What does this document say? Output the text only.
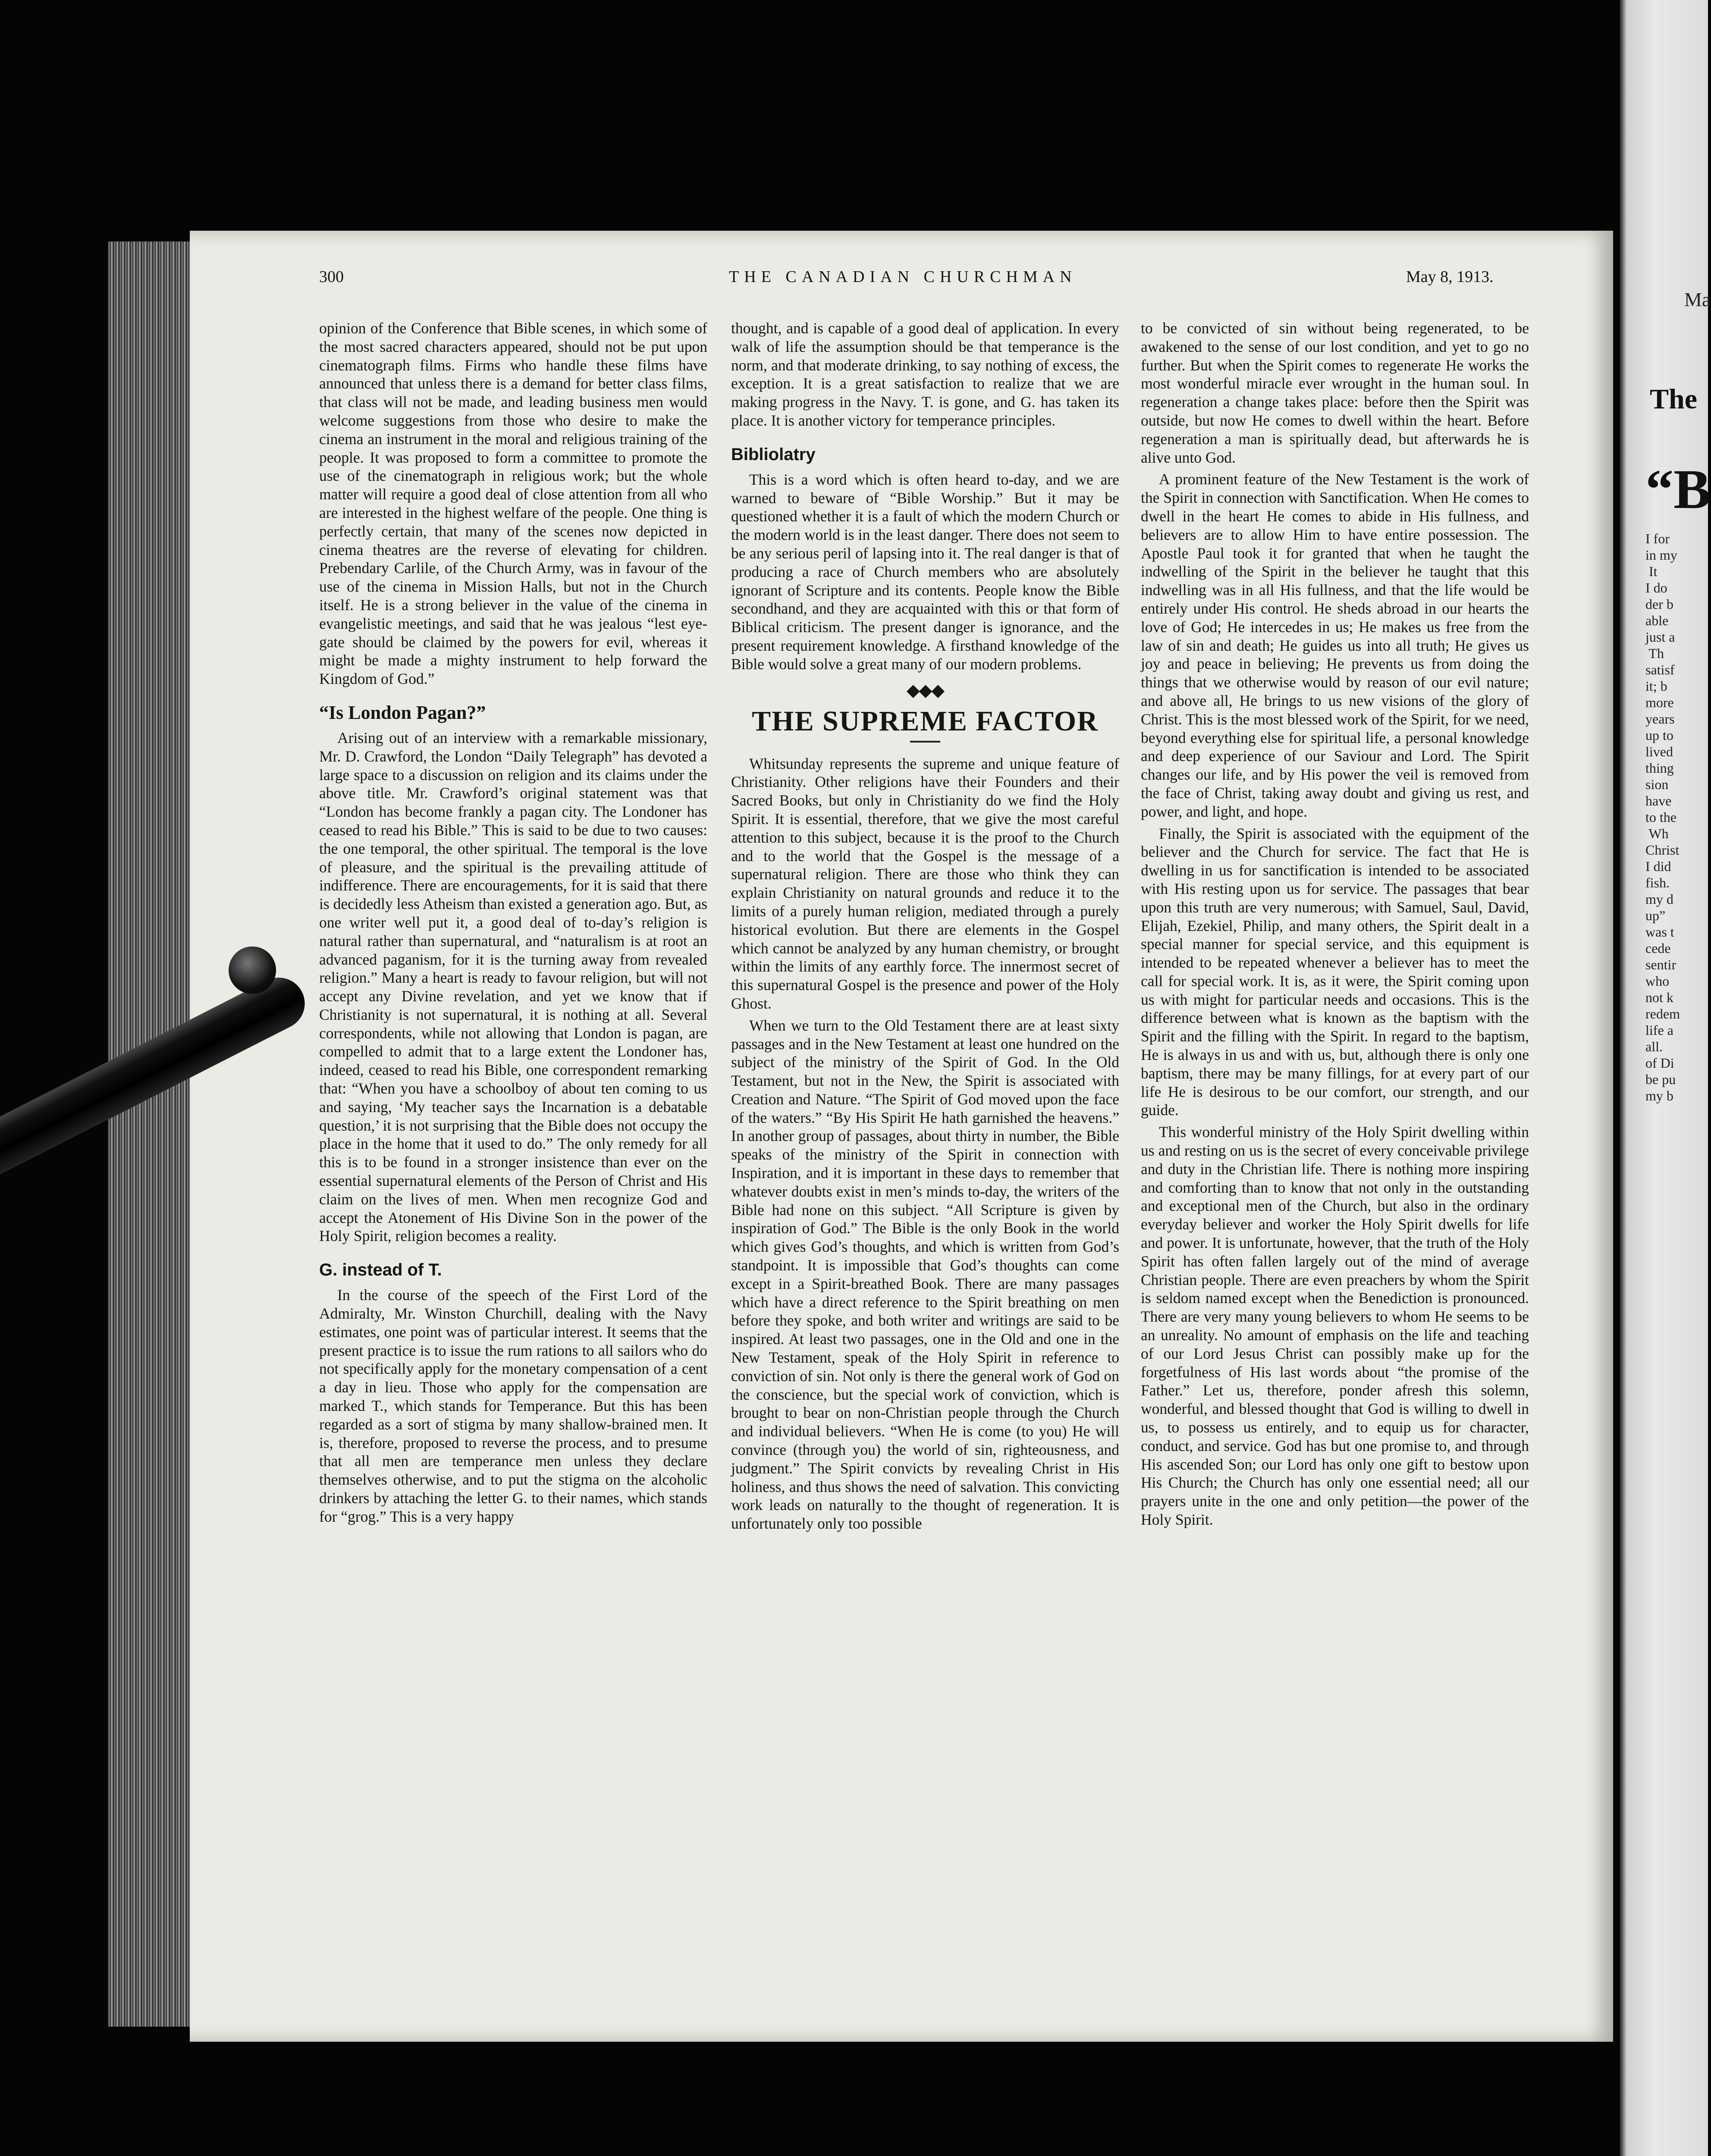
Ma
The
“B
I for
in my
It
I do
der b
able
just a
Th
satisf
it; b
more
years
up to
lived
thing
sion
have
to the
Wh
Christ
I did
fish.
my d
up”
was t
cede
sentir
who
not k
redem
life a
all.
of Di
be pu
my b
300	THE CANADIAN CHURCHMAN	May 8, 1913.

opinion of the Conference that Bible scenes, in which some of the most sacred characters appeared, should not be put upon cinematograph films. Firms who handle these films have announced that unless there is a demand for better class films, that class will not be made, and leading business men would welcome suggestions from those who desire to make the cinema an instrument in the moral and religious training of the people. It was proposed to form a committee to promote the use of the cinematograph in religious work; but the whole matter will require a good deal of close attention from all who are interested in the highest welfare of the people. One thing is perfectly certain, that many of the scenes now depicted in cinema theatres are the reverse of elevating for children. Prebendary Carlile, of the Church Army, was in favour of the use of the cinema in Mission Halls, but not in the Church itself. He is a strong believer in the value of the cinema in evangelistic meetings, and said that he was jealous “lest eye-gate should be claimed by the powers for evil, whereas it might be made a mighty instrument to help forward the Kingdom of God.”

“Is London Pagan?”

Arising out of an interview with a remarkable missionary, Mr. D. Crawford, the London “Daily Telegraph” has devoted a large space to a discussion on religion and its claims under the above title. Mr. Crawford’s original statement was that “London has become frankly a pagan city. The Londoner has ceased to read his Bible.” This is said to be due to two causes: the one temporal, the other spiritual. The temporal is the love of pleasure, and the spiritual is the prevailing attitude of indifference. There are encouragements, for it is said that there is decidedly less Atheism than existed a generation ago. But, as one writer well put it, a good deal of to-day’s religion is natural rather than supernatural, and “naturalism is at root an advanced paganism, for it is the turning away from revealed religion.” Many a heart is ready to favour religion, but will not accept any Divine revelation, and yet we know that if Christianity is not supernatural, it is nothing at all. Several correspondents, while not allowing that London is pagan, are compelled to admit that to a large extent the Londoner has, indeed, ceased to read his Bible, one correspondent remarking that: “When you have a schoolboy of about ten coming to us and saying, ‘My teacher says the Incarnation is a debatable question,’ it is not surprising that the Bible does not occupy the place in the home that it used to do.” The only remedy for all this is to be found in a stronger insistence than ever on the essential supernatural elements of the Person of Christ and His claim on the lives of men. When men recognize God and accept the Atonement of His Divine Son in the power of the Holy Spirit, religion becomes a reality.

G. instead of T.

In the course of the speech of the First Lord of the Admiralty, Mr. Winston Churchill, dealing with the Navy estimates, one point was of particular interest. It seems that the present practice is to issue the rum rations to all sailors who do not specifically apply for the monetary compensation of a cent a day in lieu. Those who apply for the compensation are marked T., which stands for Temperance. But this has been regarded as a sort of stigma by many shallow-brained men. It is, therefore, proposed to reverse the process, and to presume that all men are temperance men unless they declare themselves otherwise, and to put the stigma on the alcoholic drinkers by attaching the letter G. to their names, which stands for “grog.” This is a very happy

thought, and is capable of a good deal of application. In every walk of life the assumption should be that temperance is the norm, and that moderate drinking, to say nothing of excess, the exception. It is a great satisfaction to realize that we are making progress in the Navy. T. is gone, and G. has taken its place. It is another victory for temperance principles.

Bibliolatry

This is a word which is often heard to-day, and we are warned to beware of “Bible Worship.” But it may be questioned whether it is a fault of which the modern Church or the modern world is in the least danger. There does not seem to be any serious peril of lapsing into it. The real danger is that of producing a race of Church members who are absolutely ignorant of Scripture and its contents. People know the Bible secondhand, and they are acquainted with this or that form of Biblical criticism. The present danger is ignorance, and the present requirement knowledge. A firsthand knowledge of the Bible would solve a great many of our modern problems.

◆◆◆
THE SUPREME FACTOR

Whitsunday represents the supreme and unique feature of Christianity. Other religions have their Founders and their Sacred Books, but only in Christianity do we find the Holy Spirit. It is essential, therefore, that we give the most careful attention to this subject, because it is the proof to the Church and to the world that the Gospel is the message of a supernatural religion. There are those who think they can explain Christianity on natural grounds and reduce it to the limits of a purely human religion, mediated through a purely historical evolution. But there are elements in the Gospel which cannot be analyzed by any human chemistry, or brought within the limits of any earthly force. The innermost secret of this supernatural Gospel is the presence and power of the Holy Ghost.

When we turn to the Old Testament there are at least sixty passages and in the New Testament at least one hundred on the subject of the ministry of the Spirit of God. In the Old Testament, but not in the New, the Spirit is associated with Creation and Nature. “The Spirit of God moved upon the face of the waters.” “By His Spirit He hath garnished the heavens.” In another group of passages, about thirty in number, the Bible speaks of the ministry of the Spirit in connection with Inspiration, and it is important in these days to remember that whatever doubts exist in men’s minds to-day, the writers of the Bible had none on this subject. “All Scripture is given by inspiration of God.” The Bible is the only Book in the world which gives God’s thoughts, and which is written from God’s standpoint. It is impossible that God’s thoughts can come except in a Spirit-breathed Book. There are many passages which have a direct reference to the Spirit breathing on men before they spoke, and both writer and writings are said to be inspired. At least two passages, one in the Old and one in the New Testament, speak of the Holy Spirit in reference to conviction of sin. Not only is there the general work of God on the conscience, but the special work of conviction, which is brought to bear on non-Christian people through the Church and individual believers. “When He is come (to you) He will convince (through you) the world of sin, righteousness, and judgment.” The Spirit convicts by revealing Christ in His holiness, and thus shows the need of salvation. This convicting work leads on naturally to the thought of regeneration. It is unfortunately only too possible

to be convicted of sin without being regenerated, to be awakened to the sense of our lost condition, and yet to go no further. But when the Spirit comes to regenerate He works the most wonderful miracle ever wrought in the human soul. In regeneration a change takes place: before then the Spirit was outside, but now He comes to dwell within the heart. Before regeneration a man is spiritually dead, but afterwards he is alive unto God.

A prominent feature of the New Testament is the work of the Spirit in connection with Sanctification. When He comes to dwell in the heart He comes to abide in His fullness, and believers are to allow Him to have entire possession. The Apostle Paul took it for granted that when he taught the indwelling of the Spirit in the believer he taught that this indwelling was in all His fullness, and that the life would be entirely under His control. He sheds abroad in our hearts the love of God; He intercedes in us; He makes us free from the law of sin and death; He guides us into all truth; He gives us joy and peace in believing; He prevents us from doing the things that we otherwise would by reason of our evil nature; and above all, He brings to us new visions of the glory of Christ. This is the most blessed work of the Spirit, for we need, beyond everything else for spiritual life, a personal knowledge and deep experience of our Saviour and Lord. The Spirit changes our life, and by His power the veil is removed from the face of Christ, taking away doubt and giving us rest, and power, and light, and hope.

Finally, the Spirit is associated with the equipment of the believer and the Church for service. The fact that He is dwelling in us for sanctification is intended to be associated with His resting upon us for service. The passages that bear upon this truth are very numerous; with Samuel, Saul, David, Elijah, Ezekiel, Philip, and many others, the Spirit dealt in a special manner for special service, and this equipment is intended to be repeated whenever a believer has to meet the call for special work. It is, as it were, the Spirit coming upon us with might for particular needs and occasions. This is the difference between what is known as the baptism with the Spirit and the filling with the Spirit. In regard to the baptism, He is always in us and with us, but, although there is only one baptism, there may be many fillings, for at every part of our life He is desirous to be our comfort, our strength, and our guide.

This wonderful ministry of the Holy Spirit dwelling within us and resting on us is the secret of every conceivable privilege and duty in the Christian life. There is nothing more inspiring and comforting than to know that not only in the outstanding and exceptional men of the Church, but also in the ordinary everyday believer and worker the Holy Spirit dwells for life and power. It is unfortunate, however, that the truth of the Holy Spirit has often fallen largely out of the mind of average Christian people. There are even preachers by whom the Spirit is seldom named except when the Benediction is pronounced. There are very many young believers to whom He seems to be an unreality. No amount of emphasis on the life and teaching of our Lord Jesus Christ can possibly make up for the forgetfulness of His last words about “the promise of the Father.” Let us, therefore, ponder afresh this solemn, wonderful, and blessed thought that God is willing to dwell in us, to possess us entirely, and to equip us for character, conduct, and service. God has but one promise to, and through His ascended Son; our Lord has only one gift to bestow upon His Church; the Church has only one essential need; all our prayers unite in the one and only petition—the power of the Holy Spirit.
